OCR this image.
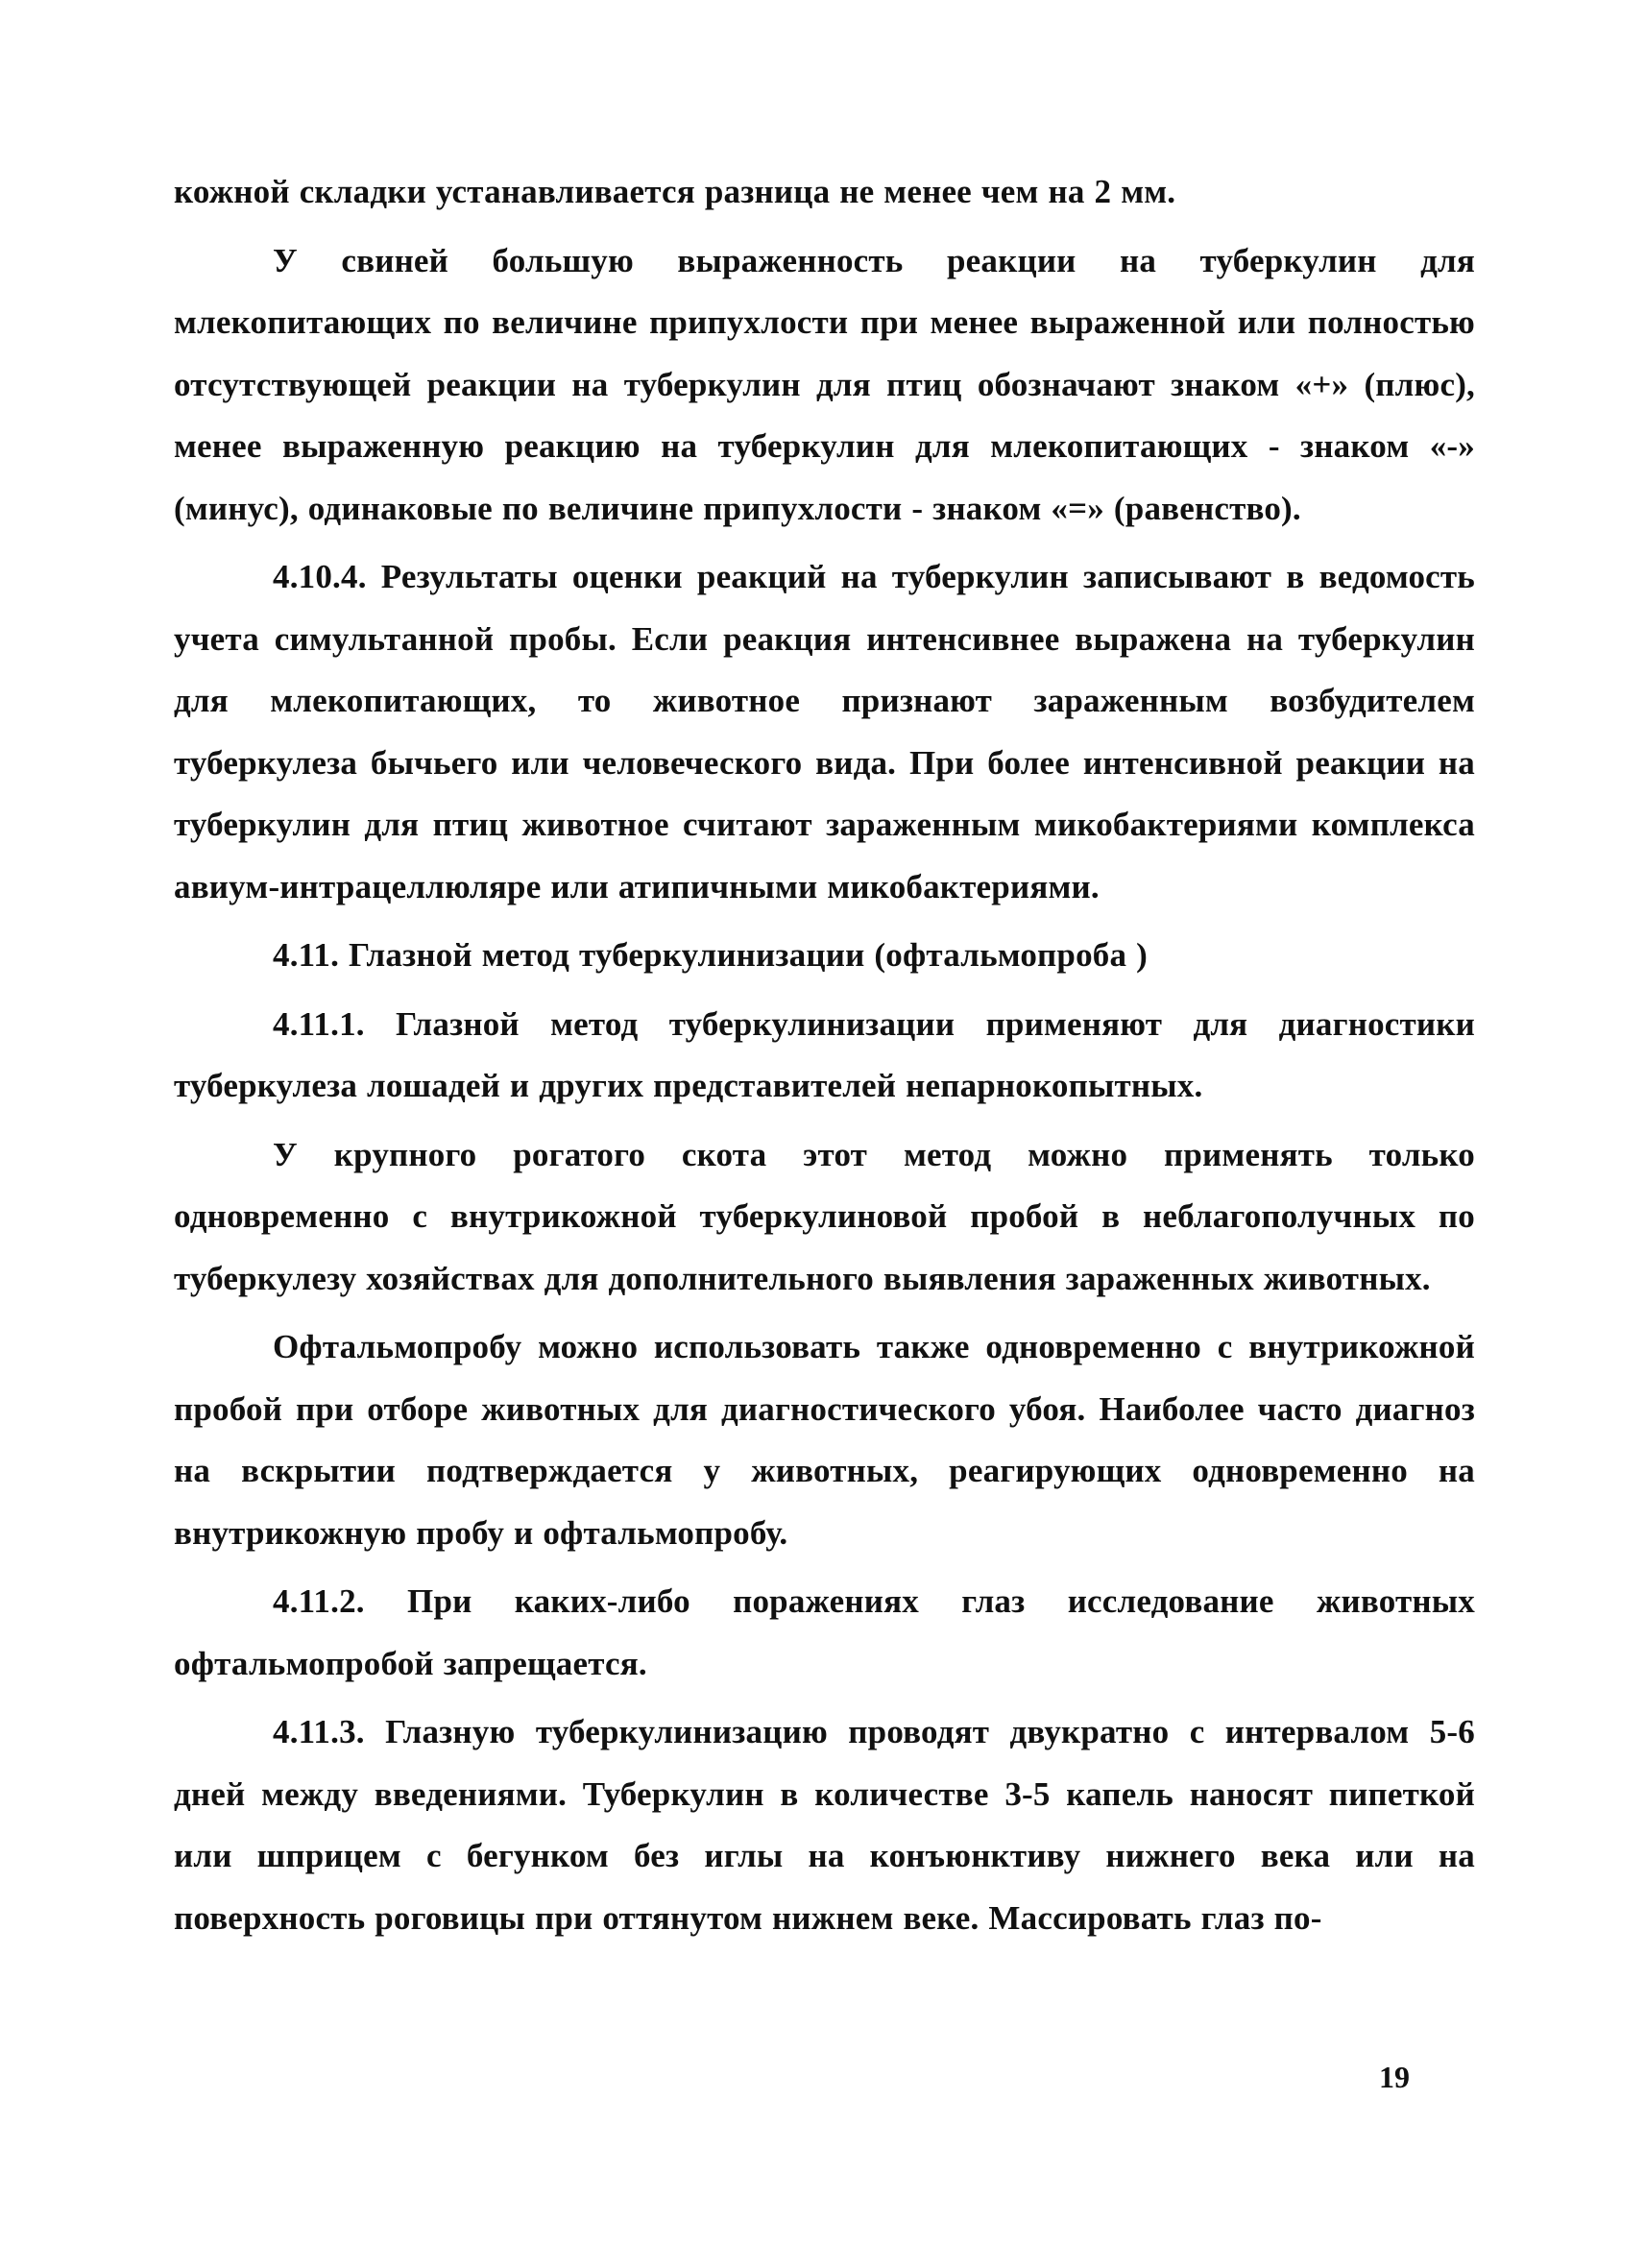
кожной складки устанавливается разница не менее чем на 2 мм.

У свиней большую выраженность реакции на туберкулин для млекопитающих по величине припухлости при менее выраженной или полностью отсутствующей реакции на туберкулин для птиц обозначают знаком «+» (плюс), менее выраженную реакцию на туберкулин для млекопитающих - знаком «-» (минус), одинаковые по величине припухлости - знаком «=» (равенство).

4.10.4. Результаты оценки реакций на туберкулин записывают в ведомость учета симультанной пробы. Если реакция интенсивнее выражена на туберкулин для млекопитающих, то животное признают зараженным возбудителем туберкулеза бычьего или человеческого вида. При более интенсивной реакции на туберкулин для птиц животное считают зараженным микобактериями комплекса авиум-интрацеллюляре или атипичными микобактериями.

4.11. Глазной метод туберкулинизации (офтальмопроба )

4.11.1. Глазной метод туберкулинизации применяют для диагностики туберкулеза лошадей и других представителей непарнокопытных.

У крупного рогатого скота этот метод можно применять только одновременно с внутрикожной туберкулиновой пробой в неблагополучных по туберкулезу хозяйствах для дополнительного выявления зараженных животных.

Офтальмопробу можно использовать также одновременно с внутрикожной пробой при отборе животных для диагностического убоя. Наиболее часто диагноз на вскрытии подтверждается у животных, реагирующих одновременно на внутрикожную пробу и офтальмопробу.

4.11.2. При каких-либо поражениях глаз исследование животных офтальмопробой запрещается.

4.11.3. Глазную туберкулинизацию проводят двукратно с интервалом 5-6 дней между введениями. Туберкулин в количестве 3-5 капель наносят пипеткой или шприцем с бегунком без иглы на конъюнктиву нижнего века или на поверхность роговицы при оттянутом нижнем веке. Массировать глаз по-

19
